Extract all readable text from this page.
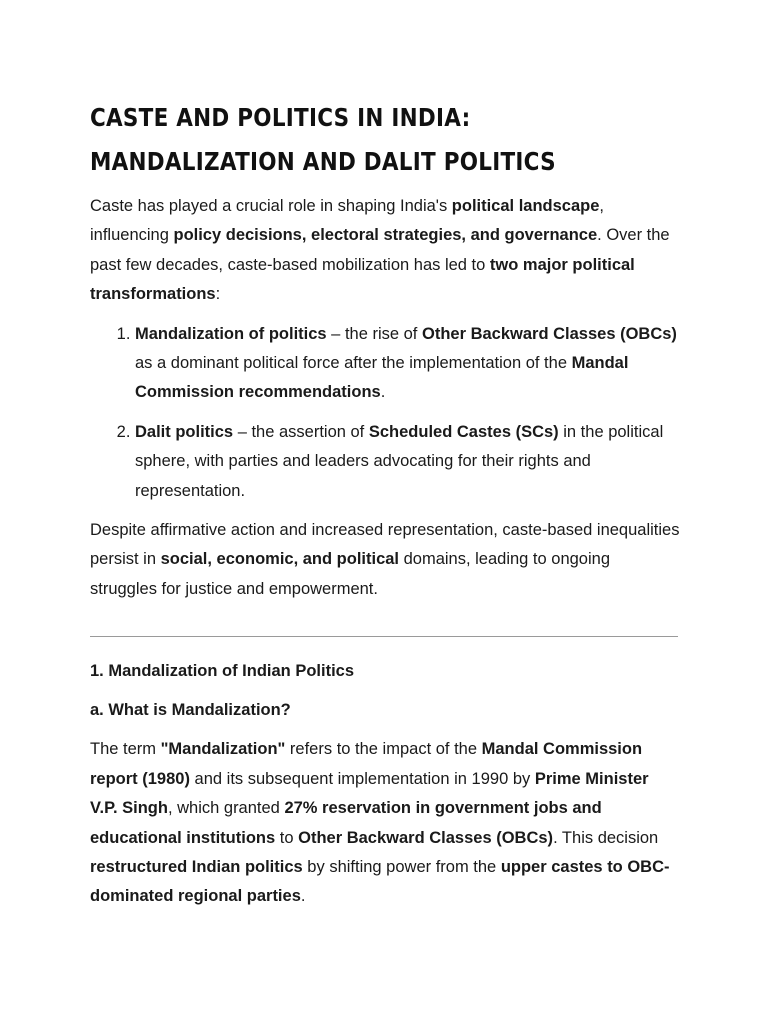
CASTE AND POLITICS IN INDIA:
MANDALIZATION AND DALIT POLITICS

Caste has played a crucial role in shaping India's political landscape, influencing policy decisions, electoral strategies, and governance. Over the past few decades, caste-based mobilization has led to two major political transformations:

1. Mandalization of politics – the rise of Other Backward Classes (OBCs) as a dominant political force after the implementation of the Mandal Commission recommendations.
2. Dalit politics – the assertion of Scheduled Castes (SCs) in the political sphere, with parties and leaders advocating for their rights and representation.

Despite affirmative action and increased representation, caste-based inequalities persist in social, economic, and political domains, leading to ongoing struggles for justice and empowerment.

1. Mandalization of Indian Politics
a. What is Mandalization?

The term "Mandalization" refers to the impact of the Mandal Commission report (1980) and its subsequent implementation in 1990 by Prime Minister V.P. Singh, which granted 27% reservation in government jobs and educational institutions to Other Backward Classes (OBCs). This decision restructured Indian politics by shifting power from the upper castes to OBC-dominated regional parties.
